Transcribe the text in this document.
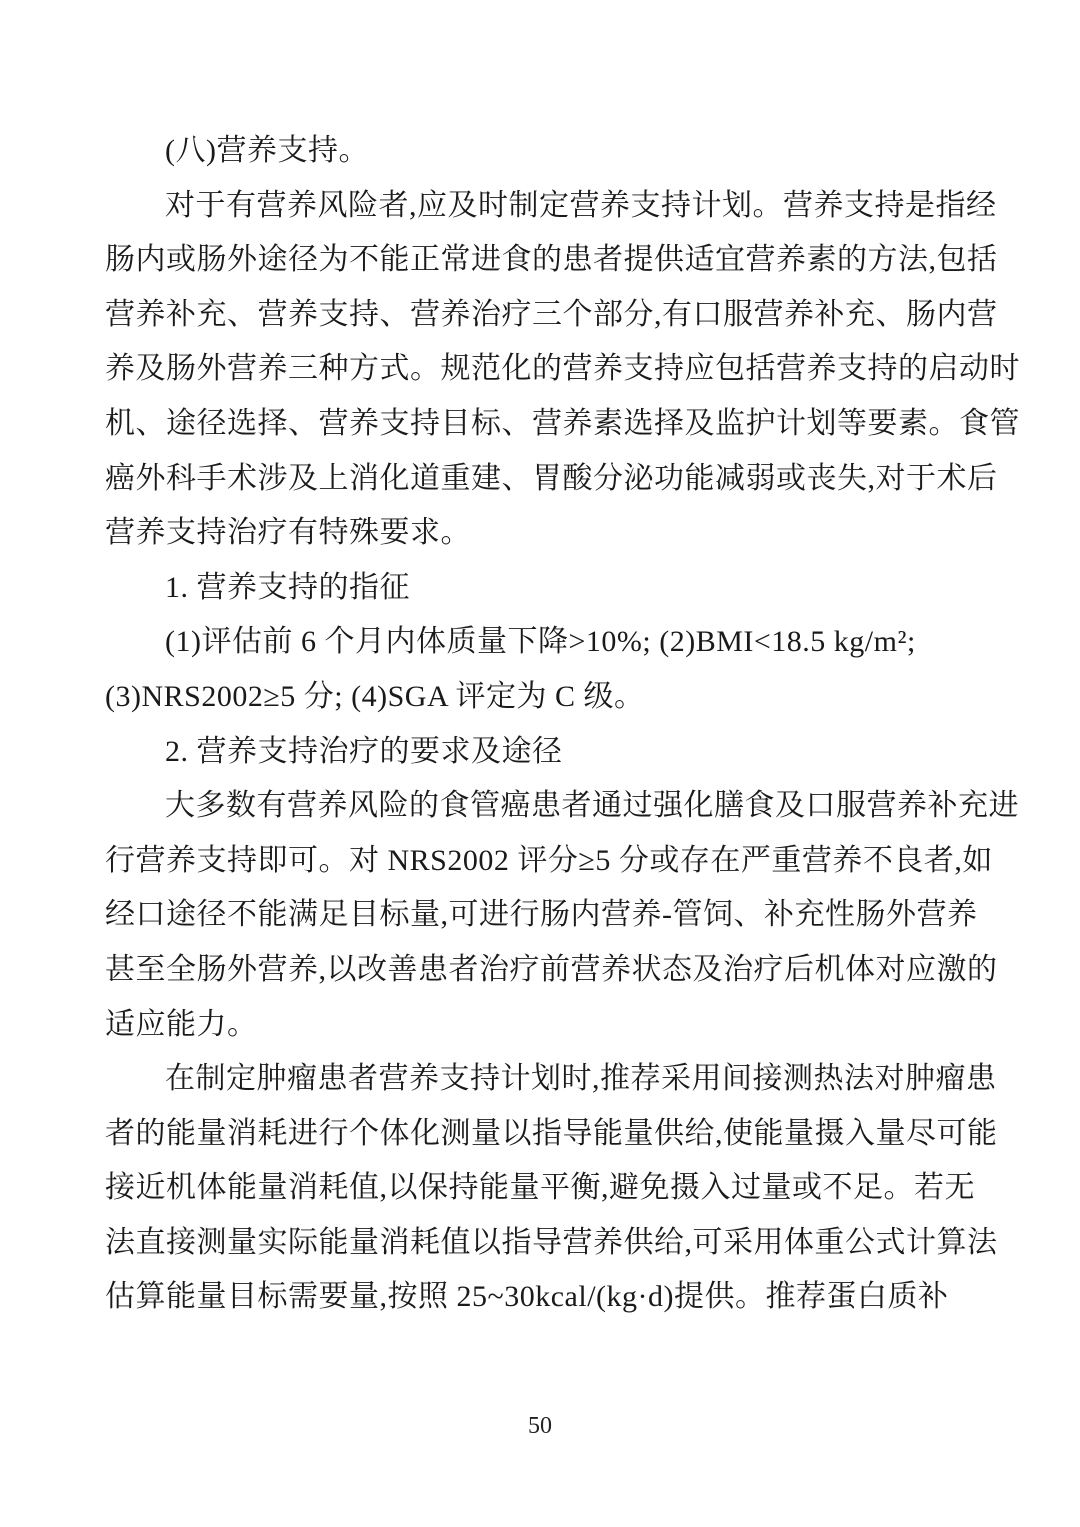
(八)营养支持。
对于有营养风险者,应及时制定营养支持计划。营养支持是指经
肠内或肠外途径为不能正常进食的患者提供适宜营养素的方法,包括
营养补充、营养支持、营养治疗三个部分,有口服营养补充、肠内营
养及肠外营养三种方式。规范化的营养支持应包括营养支持的启动时
机、途径选择、营养支持目标、营养素选择及监护计划等要素。食管
癌外科手术涉及上消化道重建、胃酸分泌功能减弱或丧失,对于术后
营养支持治疗有特殊要求。
1. 营养支持的指征
(1)评估前 6 个月内体质量下降>10%; (2)BMI<18.5 kg/m²;
(3)NRS2002≥5 分; (4)SGA 评定为 C 级。
2. 营养支持治疗的要求及途径
大多数有营养风险的食管癌患者通过强化膳食及口服营养补充进
行营养支持即可。对 NRS2002 评分≥5 分或存在严重营养不良者,如
经口途径不能满足目标量,可进行肠内营养-管饲、补充性肠外营养
甚至全肠外营养,以改善患者治疗前营养状态及治疗后机体对应激的
适应能力。
在制定肿瘤患者营养支持计划时,推荐采用间接测热法对肿瘤患
者的能量消耗进行个体化测量以指导能量供给,使能量摄入量尽可能
接近机体能量消耗值,以保持能量平衡,避免摄入过量或不足。若无
法直接测量实际能量消耗值以指导营养供给,可采用体重公式计算法
估算能量目标需要量,按照 25~30kcal/(kg·d)提供。推荐蛋白质补
50
